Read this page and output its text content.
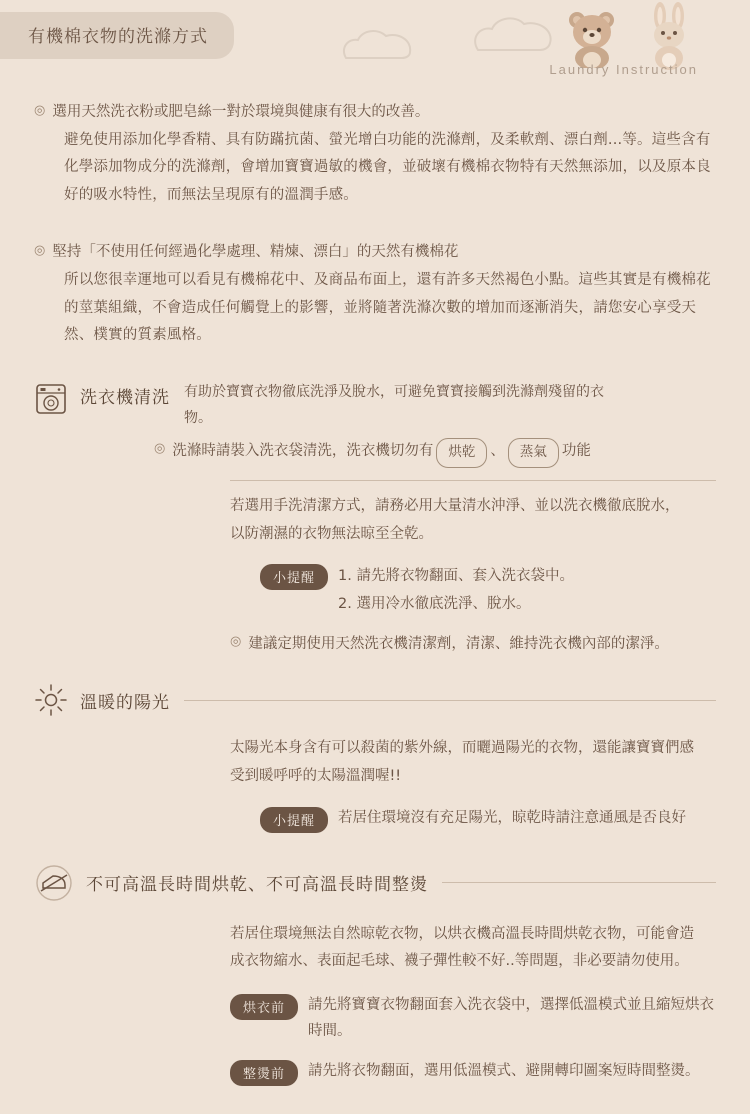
有機棉衣物的洗滌方式
Laundry Instruction
◎ 選用天然洗衣粉或肥皂絲一對於環境與健康有很大的改善。
避免使用添加化學香精、具有防蹣抗菌、螢光增白功能的洗滌劑，及柔軟劑、漂白劑...等。這些含有化學添加物成分的洗滌劑，會增加寶寶過敏的機會，並破壞有機棉衣物特有天然無添加，以及原本良好的吸水特性，而無法呈現原有的溫潤手感。
◎ 堅持「不使用任何經過化學處理、精煉、漂白」的天然有機棉花
所以您很幸運地可以看見有機棉花中、及商品布面上，還有許多天然褐色小點。這些其實是有機棉花的莖葉組織，不會造成任何觸覺上的影響，並將隨著洗滌次數的增加而逐漸消失，請您安心享受天然、樸實的質素風格。
洗衣機清洗 有助於寶寶衣物徹底洗淨及脫水，可避免寶寶接觸到洗滌劑殘留的衣物。
◎ 洗滌時請裝入洗衣袋清洗，洗衣機切勿有	烘乾	、	蒸氣	功能
若選用手洗清潔方式，請務必用大量清水沖淨、並以洗衣機徹底脫水，以防潮濕的衣物無法晾至全乾。
小提醒	1. 請先將衣物翻面、套入洗衣袋中。
2. 選用冷水徹底洗淨、脫水。
◎ 建議定期使用天然洗衣機清潔劑，清潔、維持洗衣機內部的潔淨。
溫暖的陽光
太陽光本身含有可以殺菌的紫外線，而曬過陽光的衣物，還能讓寶寶們感受到暖呼呼的太陽溫潤喔!!
小提醒	若居住環境沒有充足陽光，晾乾時請注意通風是否良好
不可高溫長時間烘乾、不可高溫長時間整燙
若居住環境無法自然晾乾衣物，以烘衣機高溫長時間烘乾衣物，可能會造成衣物縮水、表面起毛球、襪子彈性較不好..等問題，非必要請勿使用。
烘衣前	請先將寶寶衣物翻面套入洗衣袋中，選擇低溫模式並且縮短烘衣時間。
整燙前	請先將衣物翻面，選用低溫模式、避開轉印圖案短時間整燙。
